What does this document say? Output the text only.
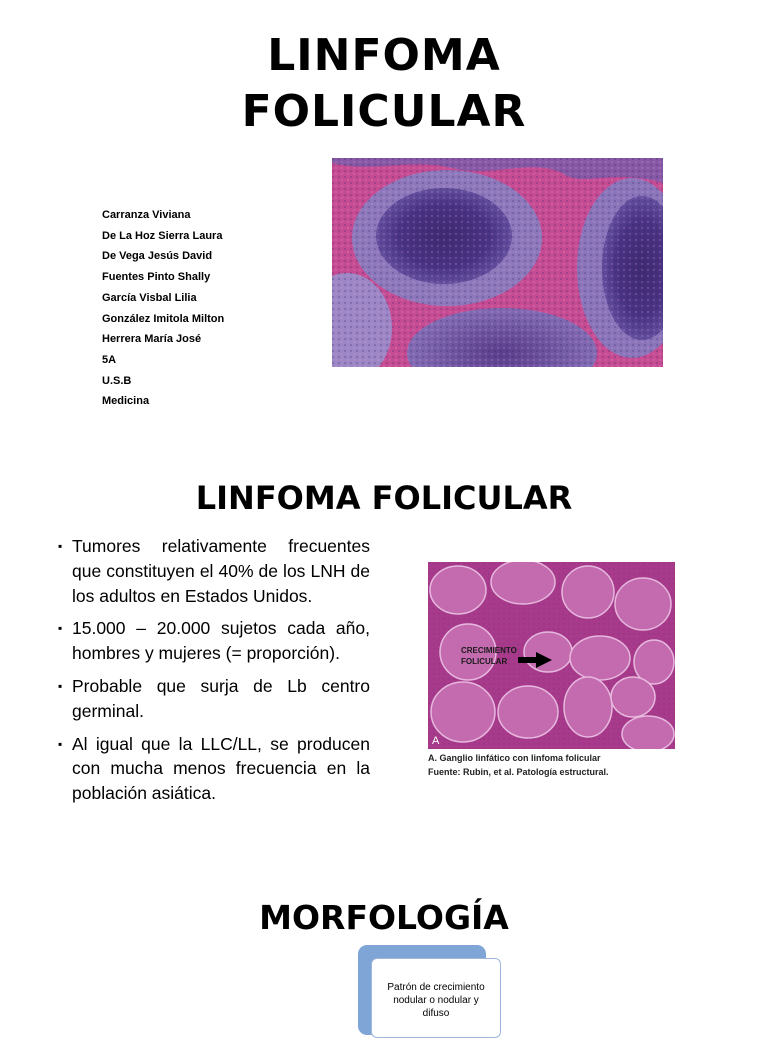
LINFOMA
FOLICULAR
Carranza Viviana
De La Hoz Sierra Laura
De Vega Jesús David
Fuentes Pinto Shally
García Visbal Lilia
González Imitola Milton
Herrera María José
5A
U.S.B
Medicina
LINFOMA FOLICULAR
▪ Tumores relativamente frecuentes que constituyen el 40% de los LNH de los adultos en Estados Unidos.
▪ 15.000 – 20.000 sujetos cada año, hombres y mujeres (= proporción).
▪ Probable que surja de Lb centro germinal.
▪ Al igual que la LLC/LL, se producen con mucha menos frecuencia en la población asiática.
CRECIMIENTO
FOLICULAR
A
A. Ganglio linfático con linfoma folicular
Fuente: Rubin, et al. Patología estructural.
MORFOLOGÍA
Patrón de crecimiento
nodular o nodular y
difuso
